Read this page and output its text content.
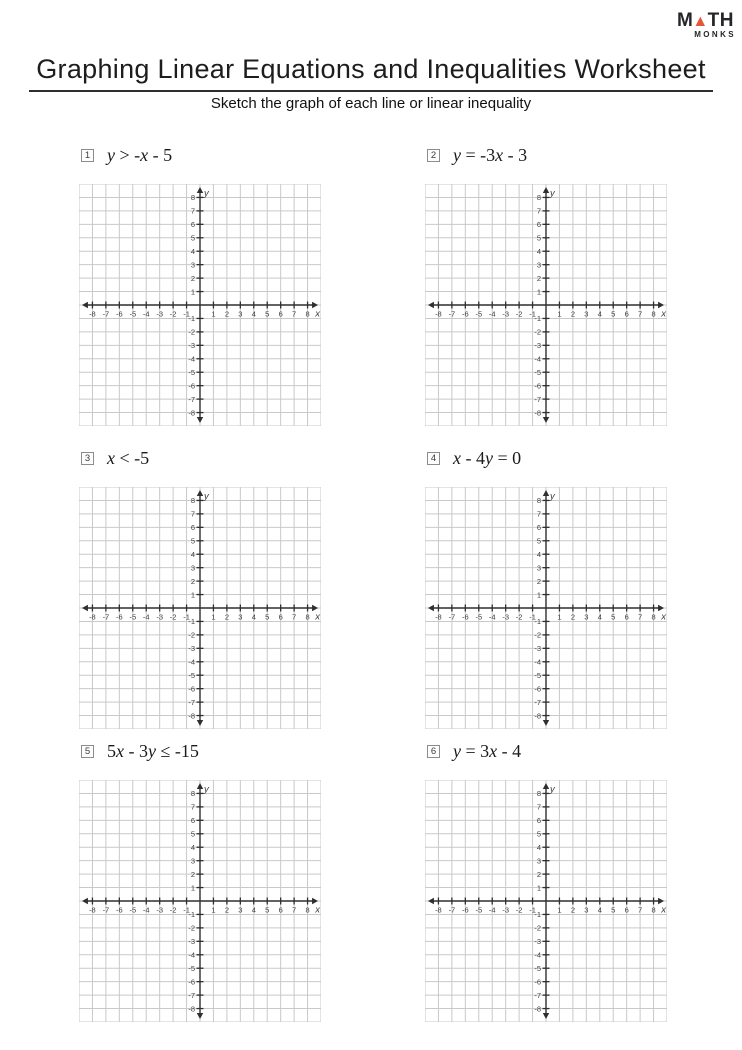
M▲TH
MONKS
Graphing Linear Equations and Inequalities Worksheet
Sketch the graph of each line or linear inequality
1 y > -x - 5
-8 -7 -6 -5 -4 -3 -2 -1	1 2 3 4 5 6 7 8
8
7
6
5
4
3
2
1
-1
-2
-3
-4
-5
-6
-7
-8
x
y
2 y = -3x - 3
-8 -7 -6 -5 -4 -3 -2 -1	1 2 3 4 5 6 7 8
8
7
6
5
4
3
2
1
-1
-2
-3
-4
-5
-6
-7
-8
x
y
3 x < -5
-8 -7 -6 -5 -4 -3 -2 -1	1 2 3 4 5 6 7 8
8
7
6
5
4
3
2
1
-1
-2
-3
-4
-5
-6
-7
-8
x
y
4 x - 4y = 0
-8 -7 -6 -5 -4 -3 -2 -1	1 2 3 4 5 6 7 8
8
7
6
5
4
3
2
1
-1
-2
-3
-4
-5
-6
-7
-8
x
y
5 5x - 3y ≤ -15
-8 -7 -6 -5 -4 -3 -2 -1	1 2 3 4 5 6 7 8
8
7
6
5
4
3
2
1
-1
-2
-3
-4
-5
-6
-7
-8
x
y
6 y = 3x - 4
-8 -7 -6 -5 -4 -3 -2 -1	1 2 3 4 5 6 7 8
8
7
6
5
4
3
2
1
-1
-2
-3
-4
-5
-6
-7
-8
x
y
